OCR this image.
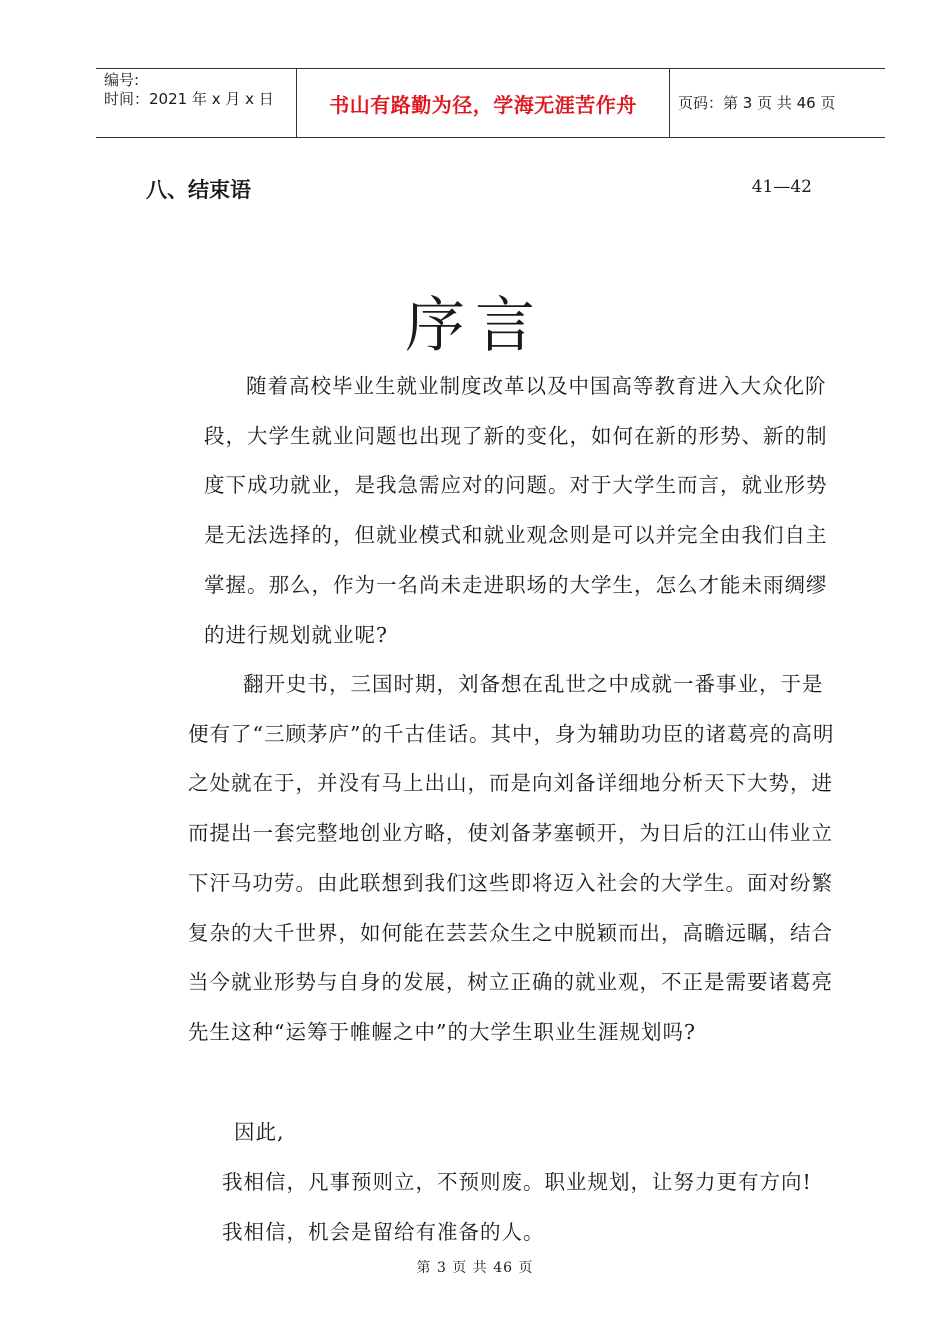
编号:
时间：2021 年 x 月 x 日	书山有路勤为径，学海无涯苦作舟	页码：第 3 页 共 46 页
八、结束语	41—42
序言

随着高校毕业生就业制度改革以及中国高等教育进入大众化阶段，大学生就业问题也出现了新的变化，如何在新的形势、新的制度下成功就业，是我急需应对的问题。对于大学生而言，就业形势是无法选择的，但就业模式和就业观念则是可以并完全由我们自主掌握。那么，作为一名尚未走进职场的大学生，怎么才能未雨绸缪的进行规划就业呢?

翻开史书，三国时期，刘备想在乱世之中成就一番事业，于是便有了“三顾茅庐”的千古佳话。其中，身为辅助功臣的诸葛亮的高明之处就在于，并没有马上出山，而是向刘备详细地分析天下大势，进而提出一套完整地创业方略，使刘备茅塞顿开，为日后的江山伟业立下汗马功劳。由此联想到我们这些即将迈入社会的大学生。面对纷繁复杂的大千世界，如何能在芸芸众生之中脱颖而出，高瞻远瞩，结合当今就业形势与自身的发展，树立正确的就业观，不正是需要诸葛亮先生这种“运筹于帷幄之中”的大学生职业生涯规划吗?

因此,

我相信，凡事预则立，不预则废。职业规划，让努力更有方向!

我相信，机会是留给有准备的人。

第 3 页 共 46 页
